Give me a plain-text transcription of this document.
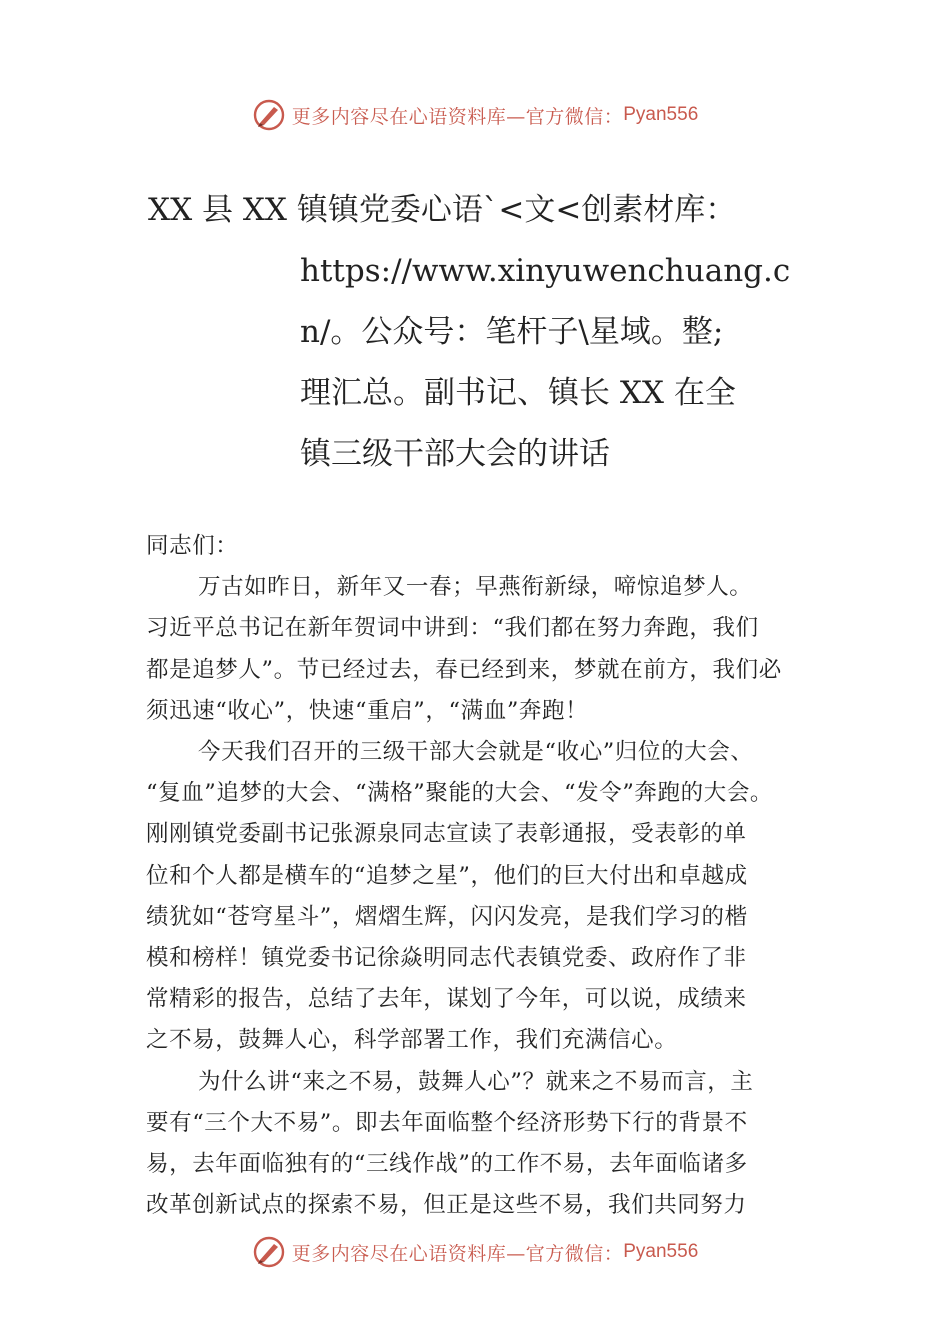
更多内容尽在心语资料库—官方微信： Pyan556
XX 县 XX 镇镇党委心语`<文<创素材库：
https://www.xinyuwenchuang.c
n/。公众号：笔杆子\星域。整;
理汇总。副书记、镇长 XX 在全
镇三级干部大会的讲话
同志们：
万古如昨日，新年又一春；早燕衔新绿，啼惊追梦人。
习近平总书记在新年贺词中讲到：“我们都在努力奔跑，我们
都是追梦人”。节已经过去，春已经到来，梦就在前方，我们必
须迅速“收心”，快速“重启”，“满血”奔跑！
今天我们召开的三级干部大会就是“收心”归位的大会、
“复血”追梦的大会、“满格”聚能的大会、“发令”奔跑的大会。
刚刚镇党委副书记张源泉同志宣读了表彰通报，受表彰的单
位和个人都是横车的“追梦之星”，他们的巨大付出和卓越成
绩犹如“苍穹星斗”，熠熠生辉，闪闪发亮，是我们学习的楷
模和榜样！镇党委书记徐焱明同志代表镇党委、政府作了非
常精彩的报告，总结了去年，谋划了今年，可以说，成绩来
之不易，鼓舞人心，科学部署工作，我们充满信心。
为什么讲“来之不易，鼓舞人心”？就来之不易而言，主
要有“三个大不易”。即去年面临整个经济形势下行的背景不
易，去年面临独有的“三线作战”的工作不易，去年面临诸多
改革创新试点的探索不易，但正是这些不易，我们共同努力
更多内容尽在心语资料库—官方微信： Pyan556
